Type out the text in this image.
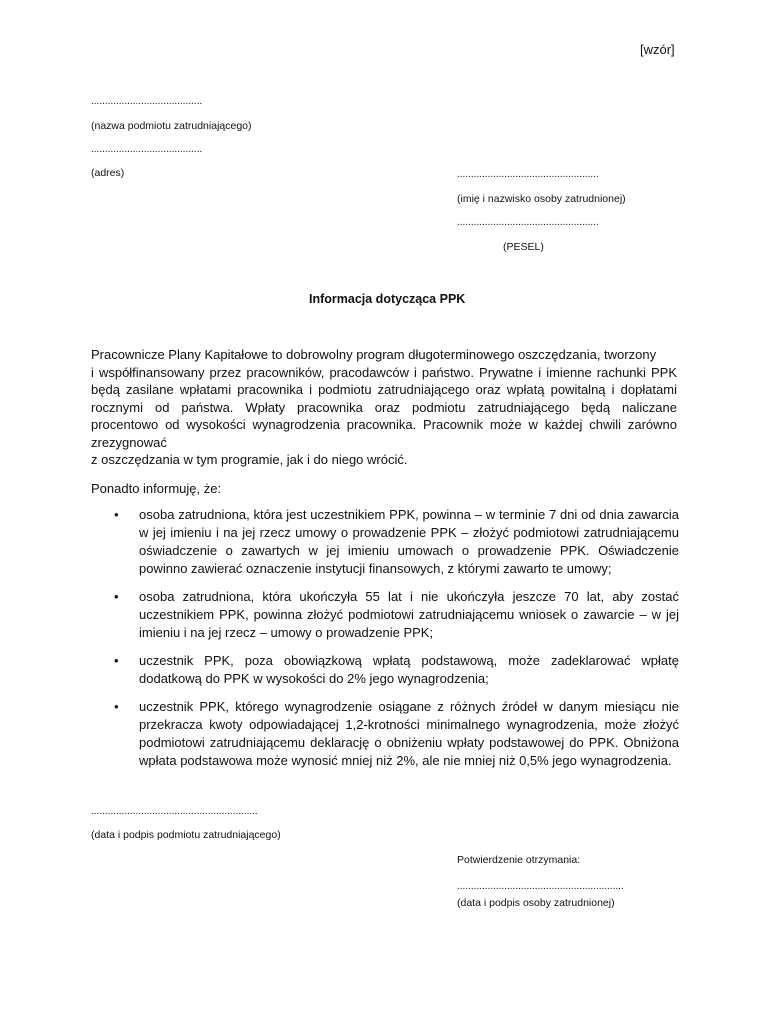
[wzór]
........................................
(nazwa podmiotu zatrudniającego)
........................................
(adres)	...................................................
(imię i nazwisko osoby zatrudnionej)
...................................................
(PESEL)
Informacja dotycząca PPK
Pracownicze Plany Kapitałowe to dobrowolny program długoterminowego oszczędzania, tworzony
i współfinansowany przez pracowników, pracodawców i państwo. Prywatne i imienne rachunki PPK
będą zasilane wpłatami pracownika i podmiotu zatrudniającego oraz wpłatą powitalną i dopłatami
rocznymi od państwa. Wpłaty pracownika oraz podmiotu zatrudniającego będą naliczane
procentowo od wysokości wynagrodzenia pracownika. Pracownik może w każdej chwili zarówno
zrezygnować
z oszczędzania w tym programie, jak i do niego wrócić.
Ponadto informuję, że:
• osoba zatrudniona, która jest uczestnikiem PPK, powinna – w terminie 7 dni od dnia zawarcia w jej imieniu i na jej rzecz umowy o prowadzenie PPK – złożyć podmiotowi zatrudniającemu oświadczenie o zawartych w jej imieniu umowach o prowadzenie PPK. Oświadczenie powinno zawierać oznaczenie instytucji finansowych, z którymi zawarto te umowy;
• osoba zatrudniona, która ukończyła 55 lat i nie ukończyła jeszcze 70 lat, aby zostać uczestnikiem PPK, powinna złożyć podmiotowi zatrudniającemu wniosek o zawarcie – w jej imieniu i na jej rzecz – umowy o prowadzenie PPK;
• uczestnik PPK, poza obowiązkową wpłatą podstawową, może zadeklarować wpłatę dodatkową do PPK w wysokości do 2% jego wynagrodzenia;
• uczestnik PPK, którego wynagrodzenie osiągane z różnych źródeł w danym miesiącu nie przekracza kwoty odpowiadającej 1,2-krotności minimalnego wynagrodzenia, może złożyć podmiotowi zatrudniającemu deklarację o obniżeniu wpłaty podstawowej do PPK. Obniżona wpłata podstawowa może wynosić mniej niż 2%, ale nie mniej niż 0,5% jego wynagrodzenia.
............................................................
(data i podpis podmiotu zatrudniającego)
Potwierdzenie otrzymania:
............................................................
(data i podpis osoby zatrudnionej)
